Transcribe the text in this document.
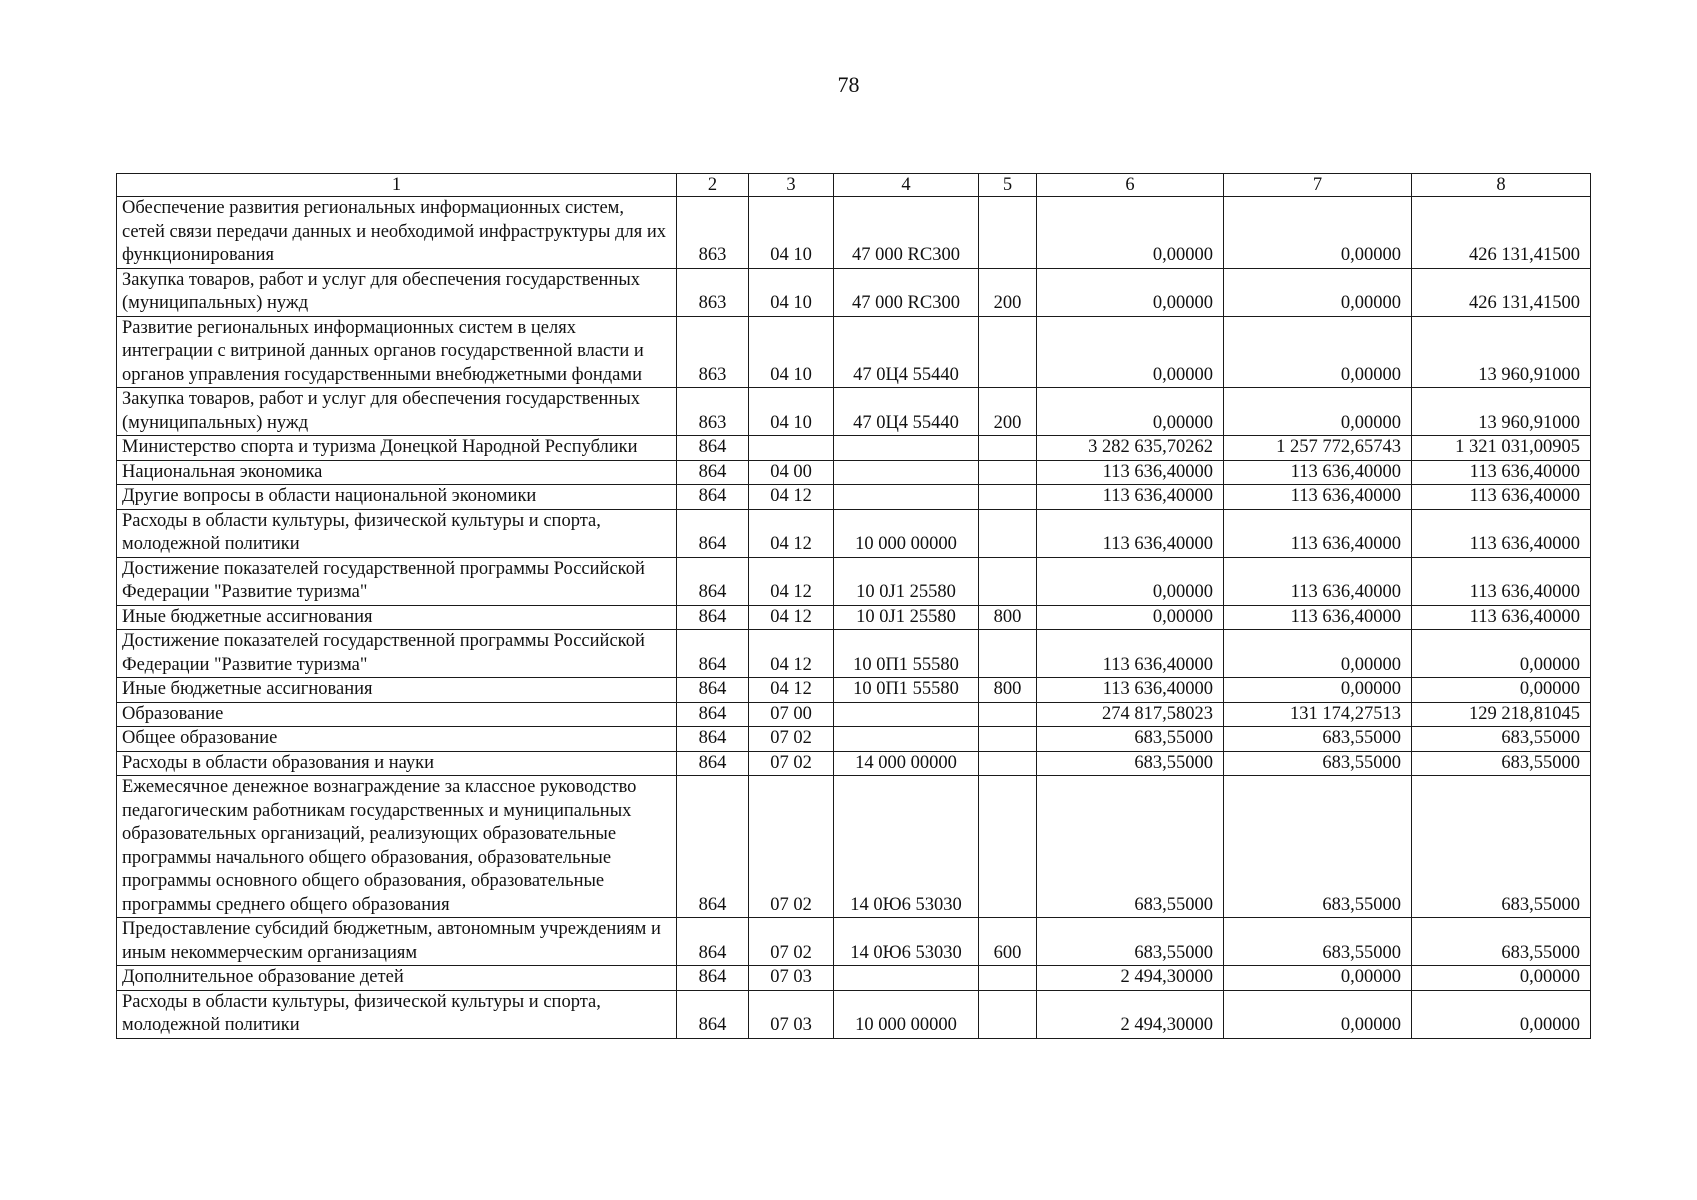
78
1	2	3	4	5	6	7	8
Обеспечение развития региональных информационных систем, сетей связи передачи данных и необходимой инфраструктуры для их функционирования	863	04 10	47 000 RC300		0,00000	0,00000	426 131,41500
Закупка товаров, работ и услуг для обеспечения государственных (муниципальных) нужд	863	04 10	47 000 RC300	200	0,00000	0,00000	426 131,41500
Развитие региональных информационных систем в целях интеграции с витриной данных органов государственной власти и органов управления государственными внебюджетными фондами	863	04 10	47 0Ц4 55440		0,00000	0,00000	13 960,91000
Закупка товаров, работ и услуг для обеспечения государственных (муниципальных) нужд	863	04 10	47 0Ц4 55440	200	0,00000	0,00000	13 960,91000
Министерство спорта и туризма Донецкой Народной Республики	864				3 282 635,70262	1 257 772,65743	1 321 031,00905
Национальная экономика	864	04 00			113 636,40000	113 636,40000	113 636,40000
Другие вопросы в области национальной экономики	864	04 12			113 636,40000	113 636,40000	113 636,40000
Расходы в области культуры, физической культуры и спорта, молодежной политики	864	04 12	10 000 00000		113 636,40000	113 636,40000	113 636,40000
Достижение показателей государственной программы Российской Федерации "Развитие туризма"	864	04 12	10 0J1 25580		0,00000	113 636,40000	113 636,40000
Иные бюджетные ассигнования	864	04 12	10 0J1 25580	800	0,00000	113 636,40000	113 636,40000
Достижение показателей государственной программы Российской Федерации "Развитие туризма"	864	04 12	10 0П1 55580		113 636,40000	0,00000	0,00000
Иные бюджетные ассигнования	864	04 12	10 0П1 55580	800	113 636,40000	0,00000	0,00000
Образование	864	07 00			274 817,58023	131 174,27513	129 218,81045
Общее образование	864	07 02			683,55000	683,55000	683,55000
Расходы в области образования и науки	864	07 02	14 000 00000		683,55000	683,55000	683,55000
Ежемесячное денежное вознаграждение за классное руководство педагогическим работникам государственных и муниципальных образовательных организаций, реализующих образовательные программы начального общего образования, образовательные программы основного общего образования, образовательные программы среднего общего образования	864	07 02	14 0Ю6 53030		683,55000	683,55000	683,55000
Предоставление субсидий бюджетным, автономным учреждениям и иным некоммерческим организациям	864	07 02	14 0Ю6 53030	600	683,55000	683,55000	683,55000
Дополнительное образование детей	864	07 03			2 494,30000	0,00000	0,00000
Расходы в области культуры, физической культуры и спорта, молодежной политики	864	07 03	10 000 00000		2 494,30000	0,00000	0,00000
